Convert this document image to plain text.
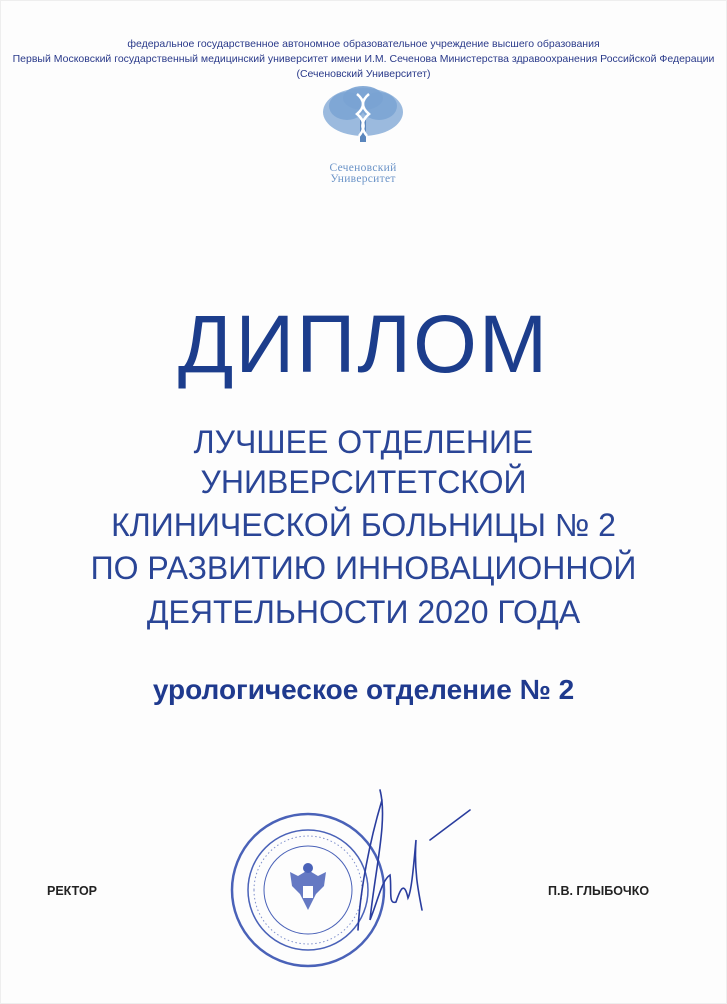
федеральное государственное автономное образовательное учреждение высшего образования
Первый Московский государственный медицинский университет имени И.М. Сеченова Министерства здравоохранения Российской Федерации
(Сеченовский Университет)
Сеченовский
Университет
ДИПЛОМ
ЛУЧШЕЕ ОТДЕЛЕНИЕ
УНИВЕРСИТЕТСКОЙ
КЛИНИЧЕСКОЙ БОЛЬНИЦЫ № 2
ПО РАЗВИТИЮ ИННОВАЦИОННОЙ
ДЕЯТЕЛЬНОСТИ 2020 ГОДА
урологическое отделение № 2
РЕКТОР	П.В. ГЛЫБОЧКО
